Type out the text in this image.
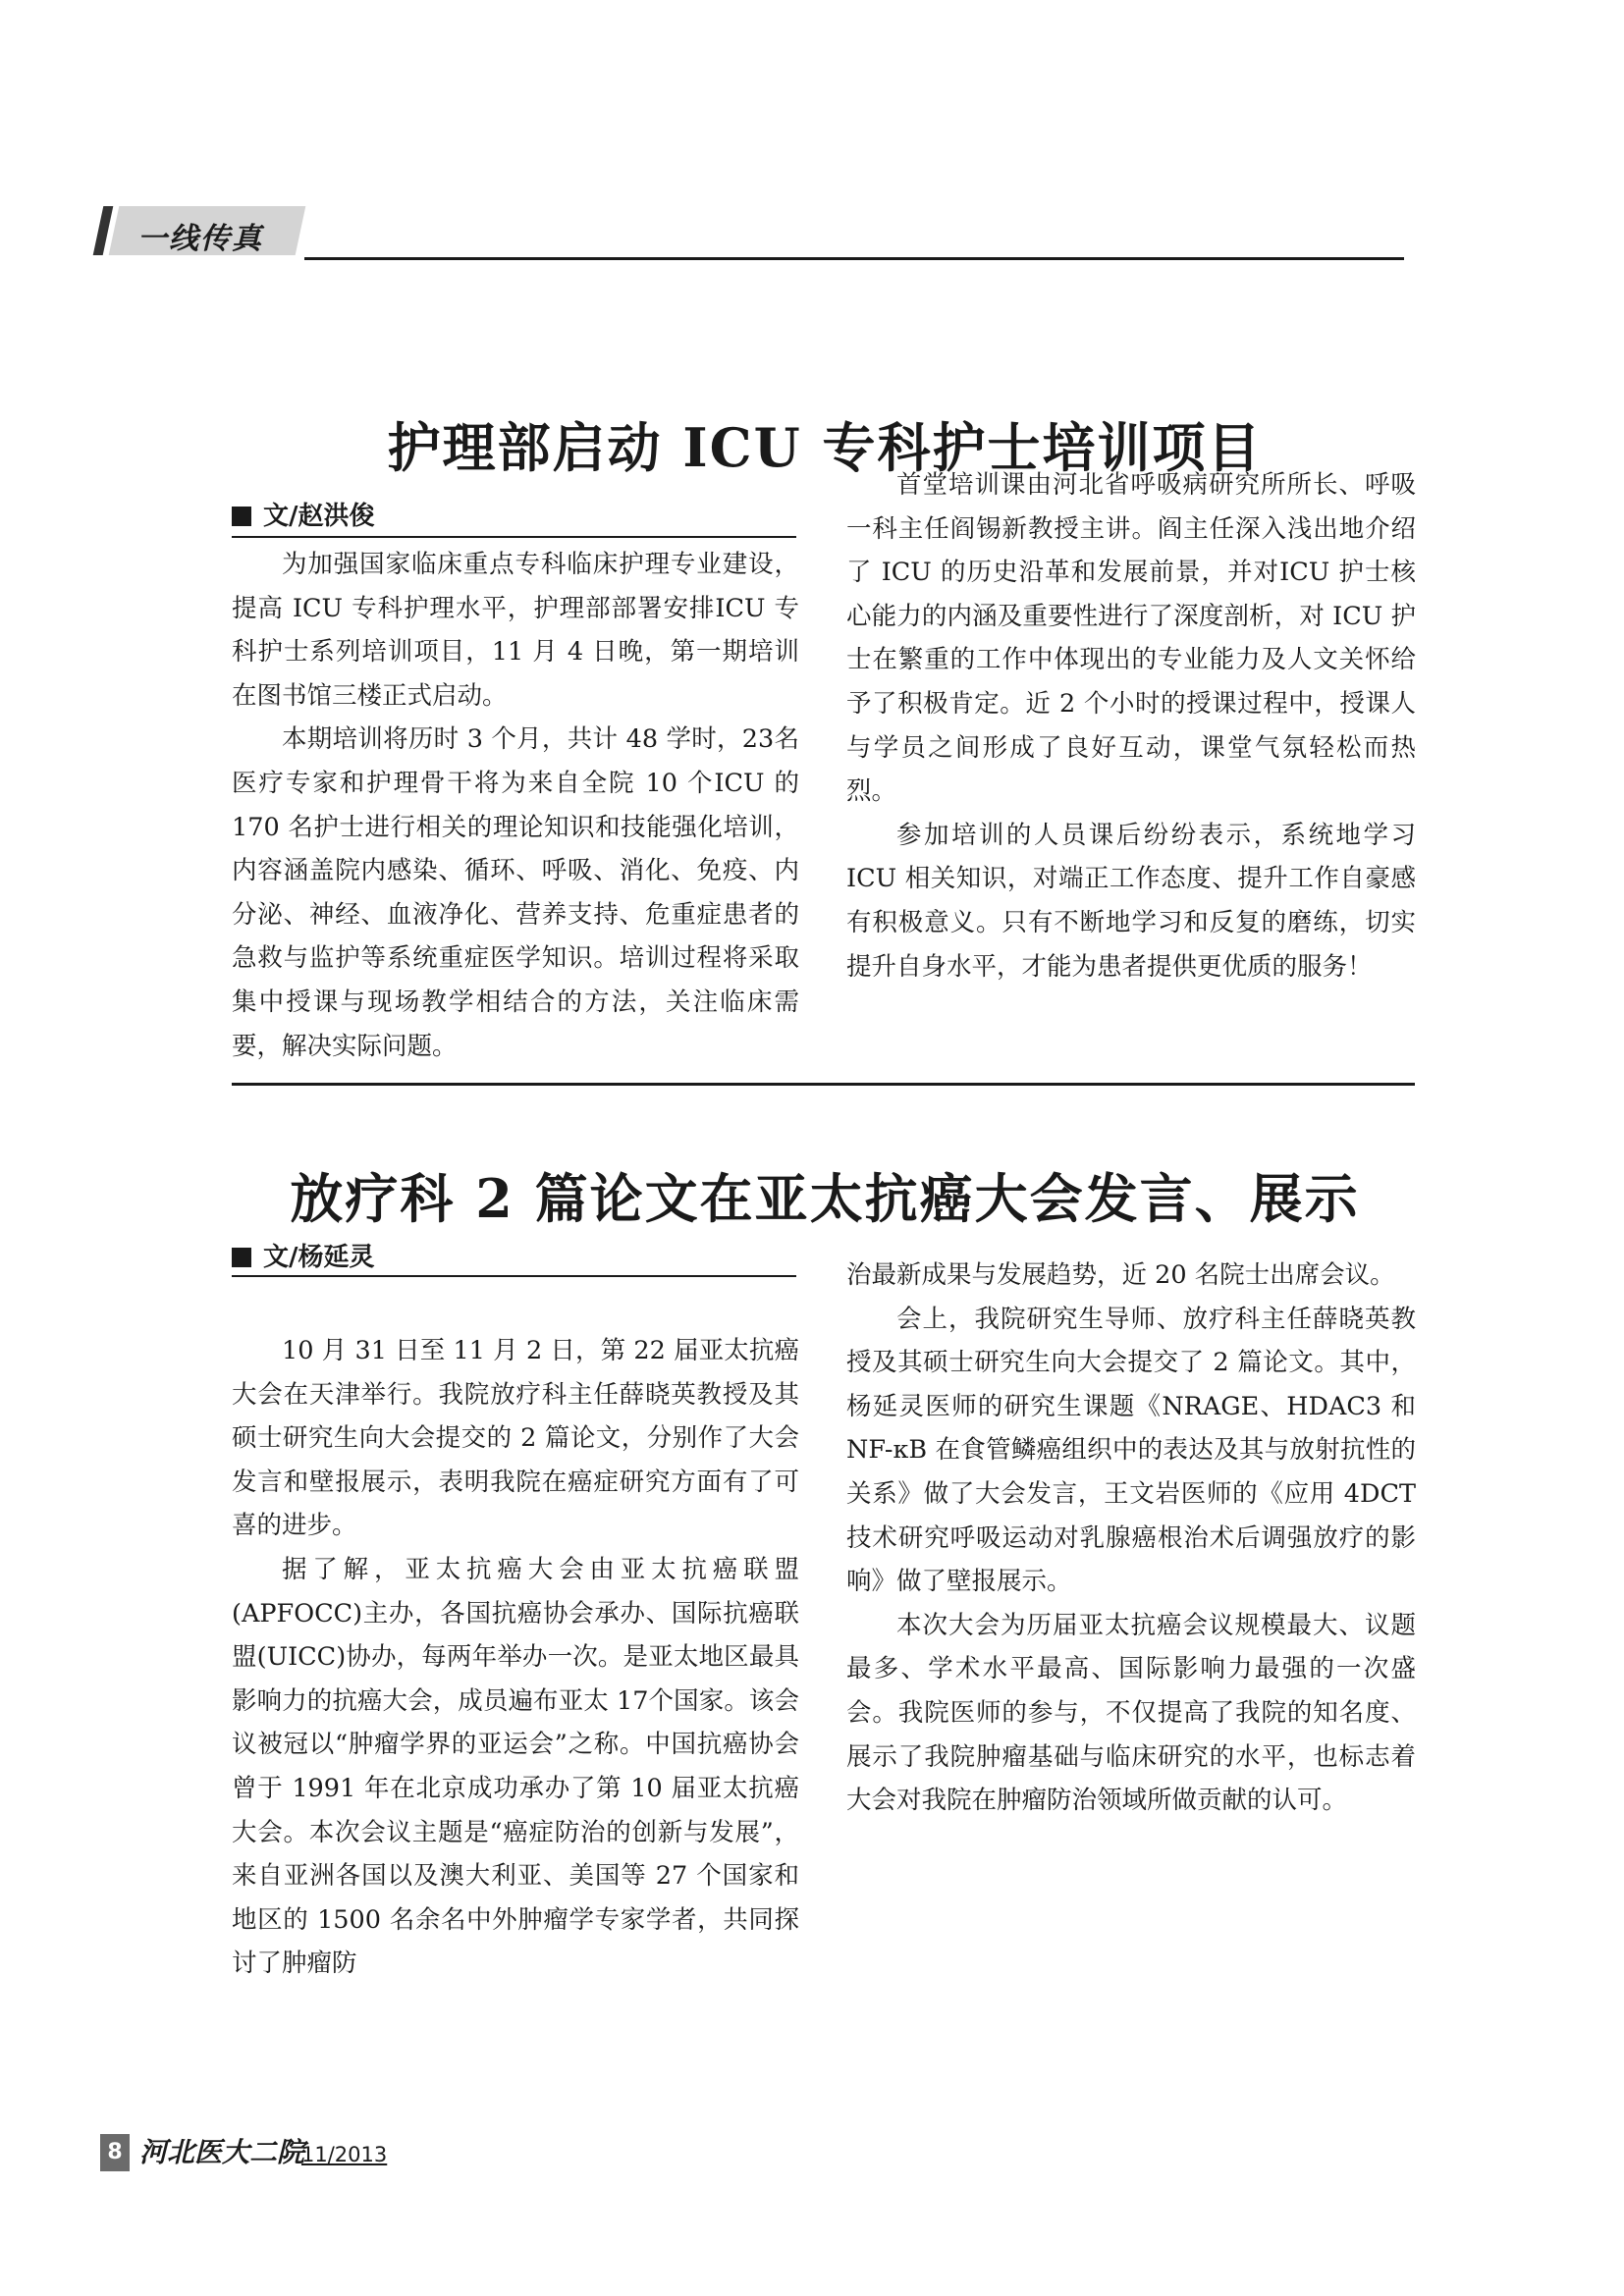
一线传真
护理部启动 ICU 专科护士培训项目
文/赵洪俊

为加强国家临床重点专科临床护理专业建设，提高 ICU 专科护理水平，护理部部署安排ICU 专科护士系列培训项目，11 月 4 日晚，第一期培训在图书馆三楼正式启动。

本期培训将历时 3 个月，共计 48 学时，23名医疗专家和护理骨干将为来自全院 10 个ICU 的 170 名护士进行相关的理论知识和技能强化培训，内容涵盖院内感染、循环、呼吸、消化、免疫、内分泌、神经、血液净化、营养支持、危重症患者的急救与监护等系统重症医学知识。培训过程将采取集中授课与现场教学相结合的方法，关注临床需要，解决实际问题。

首堂培训课由河北省呼吸病研究所所长、呼吸一科主任阎锡新教授主讲。阎主任深入浅出地介绍了 ICU 的历史沿革和发展前景，并对ICU 护士核心能力的内涵及重要性进行了深度剖析，对 ICU 护士在繁重的工作中体现出的专业能力及人文关怀给予了积极肯定。近 2 个小时的授课过程中，授课人与学员之间形成了良好互动，课堂气氛轻松而热烈。

参加培训的人员课后纷纷表示，系统地学习 ICU 相关知识，对端正工作态度、提升工作自豪感有积极意义。只有不断地学习和反复的磨练，切实提升自身水平，才能为患者提供更优质的服务！

放疗科 2 篇论文在亚太抗癌大会发言、展示
文/杨延灵

10 月 31 日至 11 月 2 日，第 22 届亚太抗癌大会在天津举行。我院放疗科主任薛晓英教授及其硕士研究生向大会提交的 2 篇论文，分别作了大会发言和壁报展示，表明我院在癌症研究方面有了可喜的进步。

据了解，亚太抗癌大会由亚太抗癌联盟(APFOCC)主办，各国抗癌协会承办、国际抗癌联盟(UICC)协办，每两年举办一次。是亚太地区最具影响力的抗癌大会，成员遍布亚太 17个国家。该会议被冠以“肿瘤学界的亚运会”之称。中国抗癌协会曾于 1991 年在北京成功承办了第 10 届亚太抗癌大会。本次会议主题是“癌症防治的创新与发展”，来自亚洲各国以及澳大利亚、美国等 27 个国家和地区的 1500 名余名中外肿瘤学专家学者，共同探讨了肿瘤防

治最新成果与发展趋势，近 20 名院士出席会议。

会上，我院研究生导师、放疗科主任薛晓英教授及其硕士研究生向大会提交了 2 篇论文。其中，杨延灵医师的研究生课题《NRAGE、HDAC3 和 NF-κB 在食管鳞癌组织中的表达及其与放射抗性的关系》做了大会发言，王文岩医师的《应用 4DCT 技术研究呼吸运动对乳腺癌根治术后调强放疗的影响》做了壁报展示。

本次大会为历届亚太抗癌会议规模最大、议题最多、学术水平最高、国际影响力最强的一次盛会。我院医师的参与，不仅提高了我院的知名度、展示了我院肿瘤基础与临床研究的水平，也标志着大会对我院在肿瘤防治领域所做贡献的认可。

8 河北医大二院
11/2013
